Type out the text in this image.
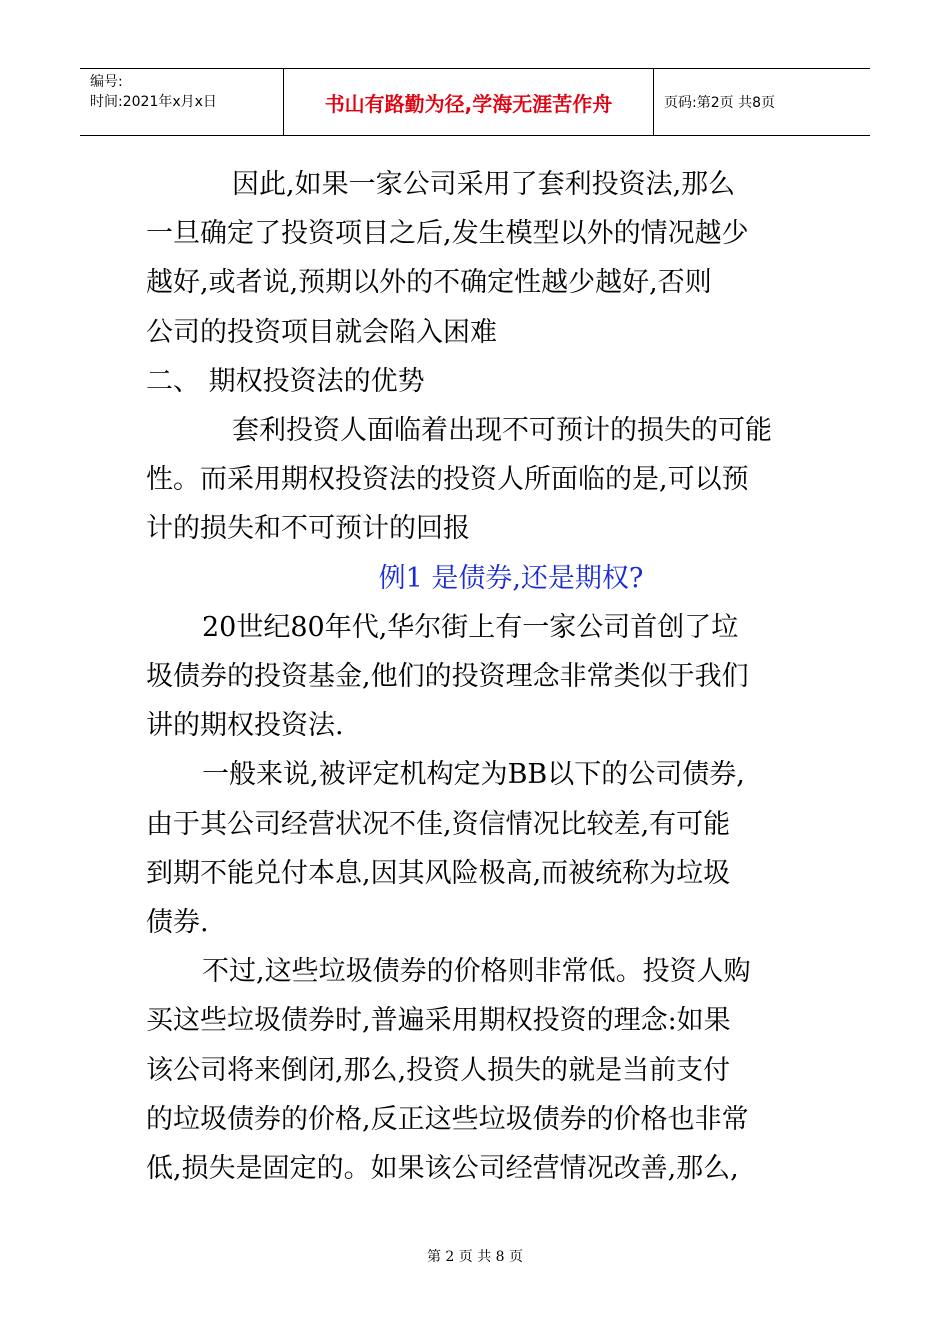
编号:
时间:2021年x月x日	书山有路勤为径,学海无涯苦作舟	页码:第2页 共8页

因此,如果一家公司采用了套利投资法,那么

一旦确定了投资项目之后,发生模型以外的情况越少

越好,或者说,预期以外的不确定性越少越好,否则

公司的投资项目就会陷入困难

二、 期权投资法的优势

套利投资人面临着出现不可预计的损失的可能

性。而采用期权投资法的投资人所面临的是,可以预

计的损失和不可预计的回报

例1 是债券,还是期权?

20世纪80年代,华尔街上有一家公司首创了垃

圾债券的投资基金,他们的投资理念非常类似于我们

讲的期权投资法.

一般来说,被评定机构定为BB以下的公司债券,

由于其公司经营状况不佳,资信情况比较差,有可能

到期不能兑付本息,因其风险极高,而被统称为垃圾

债券.

不过,这些垃圾债券的价格则非常低。投资人购

买这些垃圾债券时,普遍采用期权投资的理念:如果

该公司将来倒闭,那么,投资人损失的就是当前支付

的垃圾债券的价格,反正这些垃圾债券的价格也非常

低,损失是固定的。如果该公司经营情况改善,那么,

第 2 页 共 8 页
